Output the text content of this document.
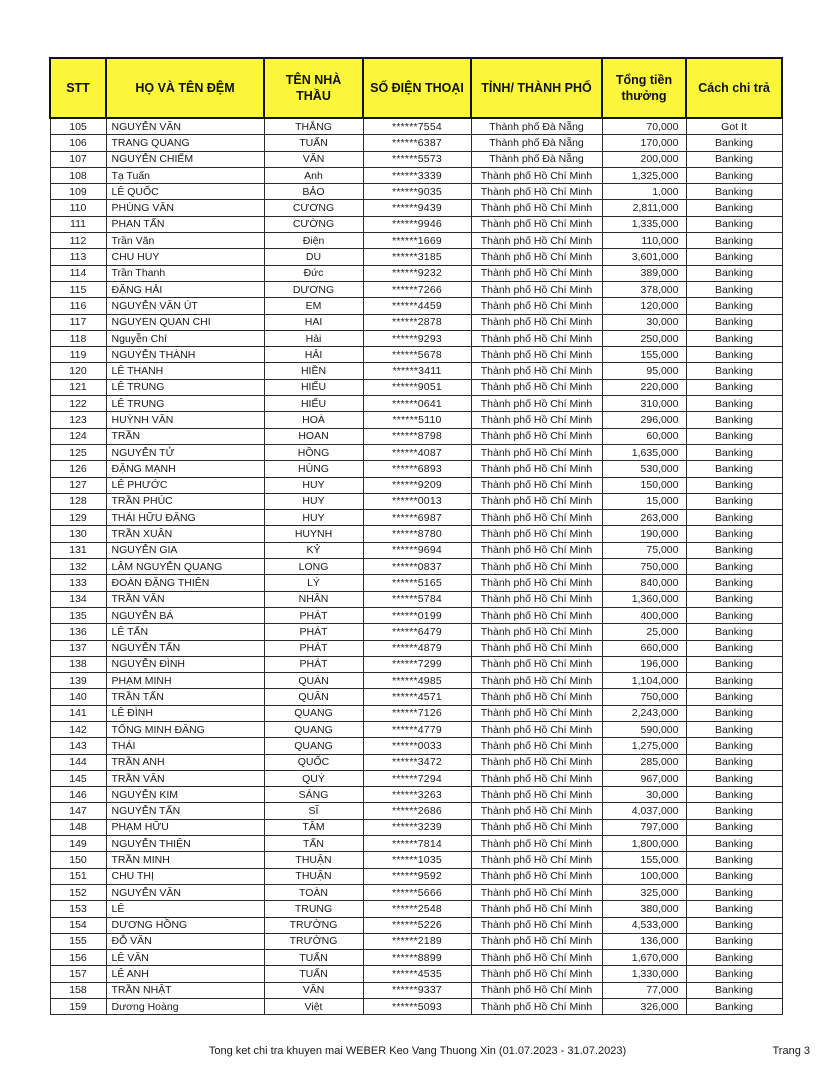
STT	HỌ VÀ TÊN ĐỆM	TÊN NHÀ THẦU	SỐ ĐIỆN THOẠI	TỈNH/ THÀNH PHỐ	Tổng tiền thưởng	Cách chi trả
105	NGUYỄN VĂN	THẮNG	******7554	Thành phố Đà Nẵng	70,000	Got It
106	TRANG QUANG	TUẤN	******6387	Thành phố Đà Nẵng	170,000	Banking
107	NGUYỄN CHIẾM	VĂN	******5573	Thành phố Đà Nẵng	200,000	Banking
108	Tạ Tuấn	Anh	******3339	Thành phố Hồ Chí Minh	1,325,000	Banking
109	LÊ QUỐC	BẢO	******9035	Thành phố Hồ Chí Minh	1,000	Banking
110	PHÙNG VĂN	CƯƠNG	******9439	Thành phố Hồ Chí Minh	2,811,000	Banking
111	PHAN TẤN	CƯỜNG	******9946	Thành phố Hồ Chí Minh	1,335,000	Banking
112	Trần Văn	Điện	******1669	Thành phố Hồ Chí Minh	110,000	Banking
113	CHU HUY	DU	******3185	Thành phố Hồ Chí Minh	3,601,000	Banking
114	Trần Thanh	Đức	******9232	Thành phố Hồ Chí Minh	389,000	Banking
115	ĐẶNG HẢI	DƯƠNG	******7266	Thành phố Hồ Chí Minh	378,000	Banking
116	NGUYỄN VĂN ÚT	EM	******4459	Thành phố Hồ Chí Minh	120,000	Banking
117	NGUYEN QUAN CHI	HAI	******2878	Thành phố Hồ Chí Minh	30,000	Banking
118	Nguyễn Chí	Hải	******9293	Thành phố Hồ Chí Minh	250,000	Banking
119	NGUYỄN THÀNH	HẢI	******5678	Thành phố Hồ Chí Minh	155,000	Banking
120	LÊ THANH	HIỀN	******3411	Thành phố Hồ Chí Minh	95,000	Banking
121	LÊ TRUNG	HIẾU	******9051	Thành phố Hồ Chí Minh	220,000	Banking
122	LÊ TRUNG	HIẾU	******0641	Thành phố Hồ Chí Minh	310,000	Banking
123	HUỲNH VĂN	HOÀ	******5110	Thành phố Hồ Chí Minh	296,000	Banking
124	TRẦN	HOAN	******8798	Thành phố Hồ Chí Minh	60,000	Banking
125	NGUYỄN TỬ	HỒNG	******4087	Thành phố Hồ Chí Minh	1,635,000	Banking
126	ĐẶNG MẠNH	HÙNG	******6893	Thành phố Hồ Chí Minh	530,000	Banking
127	LÊ PHƯỚC	HUY	******9209	Thành phố Hồ Chí Minh	150,000	Banking
128	TRẦN PHÚC	HUY	******0013	Thành phố Hồ Chí Minh	15,000	Banking
129	THÁI HỮU ĐĂNG	HUY	******6987	Thành phố Hồ Chí Minh	263,000	Banking
130	TRẦN XUÂN	HUYNH	******8780	Thành phố Hồ Chí Minh	190,000	Banking
131	NGUYỄN GIA	KỶ	******9694	Thành phố Hồ Chí Minh	75,000	Banking
132	LÂM NGUYỄN QUANG	LONG	******0837	Thành phố Hồ Chí Minh	750,000	Banking
133	ĐOÀN ĐẶNG THIÊN	LÝ	******5165	Thành phố Hồ Chí Minh	840,000	Banking
134	TRẦN VĂN	NHÂN	******5784	Thành phố Hồ Chí Minh	1,360,000	Banking
135	NGUYỄN BÁ	PHÁT	******0199	Thành phố Hồ Chí Minh	400,000	Banking
136	LÊ TẤN	PHÁT	******6479	Thành phố Hồ Chí Minh	25,000	Banking
137	NGUYỄN TẤN	PHÁT	******4879	Thành phố Hồ Chí Minh	660,000	Banking
138	NGUYỄN ĐÌNH	PHÁT	******7299	Thành phố Hồ Chí Minh	196,000	Banking
139	PHẠM MINH	QUÁN	******4985	Thành phố Hồ Chí Minh	1,104,000	Banking
140	TRẦN TẤN	QUÂN	******4571	Thành phố Hồ Chí Minh	750,000	Banking
141	LÊ ĐÌNH	QUANG	******7126	Thành phố Hồ Chí Minh	2,243,000	Banking
142	TỐNG MINH ĐĂNG	QUANG	******4779	Thành phố Hồ Chí Minh	590,000	Banking
143	THÁI	QUANG	******0033	Thành phố Hồ Chí Minh	1,275,000	Banking
144	TRẦN ANH	QUỐC	******3472	Thành phố Hồ Chí Minh	285,000	Banking
145	TRẦN VĂN	QUÝ	******7294	Thành phố Hồ Chí Minh	967,000	Banking
146	NGUYỄN KIM	SÁNG	******3263	Thành phố Hồ Chí Minh	30,000	Banking
147	NGUYỄN TẤN	SĨ	******2686	Thành phố Hồ Chí Minh	4,037,000	Banking
148	PHẠM HỮU	TÂM	******3239	Thành phố Hồ Chí Minh	797,000	Banking
149	NGUYỄN THIỆN	TẤN	******7814	Thành phố Hồ Chí Minh	1,800,000	Banking
150	TRẦN MINH	THUẬN	******1035	Thành phố Hồ Chí Minh	155,000	Banking
151	CHU THỊ	THUẬN	******9592	Thành phố Hồ Chí Minh	100,000	Banking
152	NGUYỄN VĂN	TOÀN	******5666	Thành phố Hồ Chí Minh	325,000	Banking
153	LÊ	TRUNG	******2548	Thành phố Hồ Chí Minh	380,000	Banking
154	DƯƠNG HỒNG	TRƯỜNG	******5226	Thành phố Hồ Chí Minh	4,533,000	Banking
155	ĐỖ VĂN	TRƯỜNG	******2189	Thành phố Hồ Chí Minh	136,000	Banking
156	LÊ VĂN	TUẤN	******8899	Thành phố Hồ Chí Minh	1,670,000	Banking
157	LÊ ANH	TUẤN	******4535	Thành phố Hồ Chí Minh	1,330,000	Banking
158	TRẦN NHẬT	VĂN	******9337	Thành phố Hồ Chí Minh	77,000	Banking
159	Dương Hoàng	Việt	******5093	Thành phố Hồ Chí Minh	326,000	Banking
Tong ket chi tra khuyen mai WEBER Keo Vang Thuong Xin (01.07.2023 - 31.07.2023)	Trang 3
